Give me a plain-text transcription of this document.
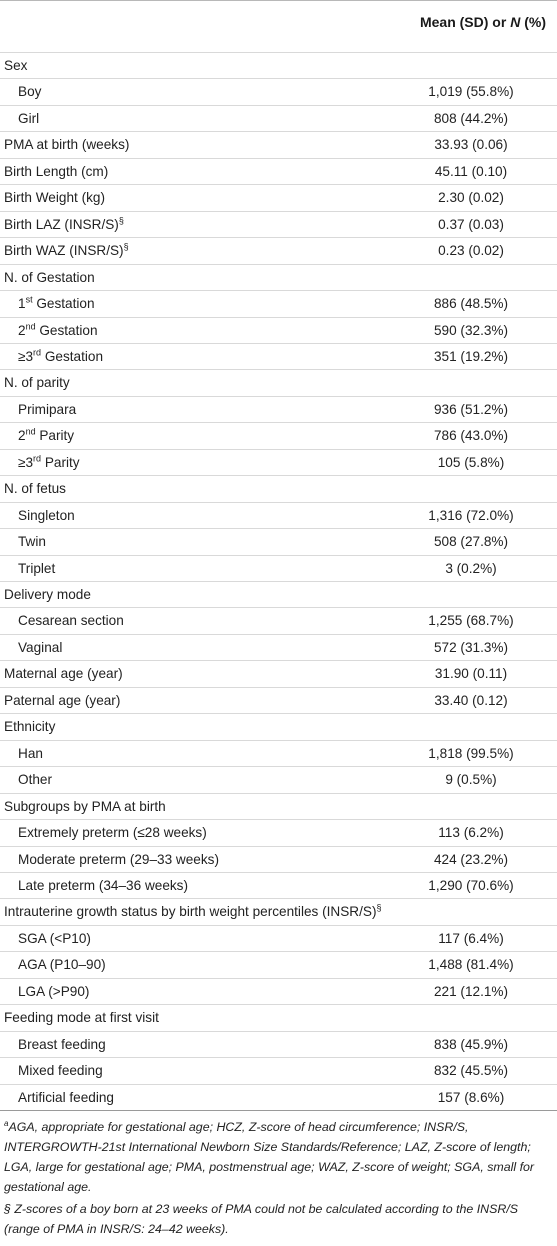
Mean (SD) or N (%)
Sex
Boy	1,019 (55.8%)
Girl	808 (44.2%)
PMA at birth (weeks)	33.93 (0.06)
Birth Length (cm)	45.11 (0.10)
Birth Weight (kg)	2.30 (0.02)
Birth LAZ (INSR/S)§	0.37 (0.03)
Birth WAZ (INSR/S)§	0.23 (0.02)
N. of Gestation
1st Gestation	886 (48.5%)
2nd Gestation	590 (32.3%)
≥3rd Gestation	351 (19.2%)
N. of parity
Primipara	936 (51.2%)
2nd Parity	786 (43.0%)
≥3rd Parity	105 (5.8%)
N. of fetus
Singleton	1,316 (72.0%)
Twin	508 (27.8%)
Triplet	3 (0.2%)
Delivery mode
Cesarean section	1,255 (68.7%)
Vaginal	572 (31.3%)
Maternal age (year)	31.90 (0.11)
Paternal age (year)	33.40 (0.12)
Ethnicity
Han	1,818 (99.5%)
Other	9 (0.5%)
Subgroups by PMA at birth
Extremely preterm (≤28 weeks)	113 (6.2%)
Moderate preterm (29–33 weeks)	424 (23.2%)
Late preterm (34–36 weeks)	1,290 (70.6%)
Intrauterine growth status by birth weight percentiles (INSR/S)§
SGA (<P10)	117 (6.4%)
AGA (P10–90)	1,488 (81.4%)
LGA (>P90)	221 (12.1%)
Feeding mode at first visit
Breast feeding	838 (45.9%)
Mixed feeding	832 (45.5%)
Artificial feeding	157 (8.6%)
$^a$AGA, appropriate for gestational age; HCZ, Z-score of head circumference; INSR/S, INTERGROWTH-21st International Newborn Size Standards/Reference; LAZ, Z-score of length; LGA, large for gestational age; PMA, postmenstrual age; WAZ, Z-score of weight; SGA, small for gestational age.
§ Z-scores of a boy born at 23 weeks of PMA could not be calculated according to the INSR/S (range of PMA in INSR/S: 24–42 weeks).
